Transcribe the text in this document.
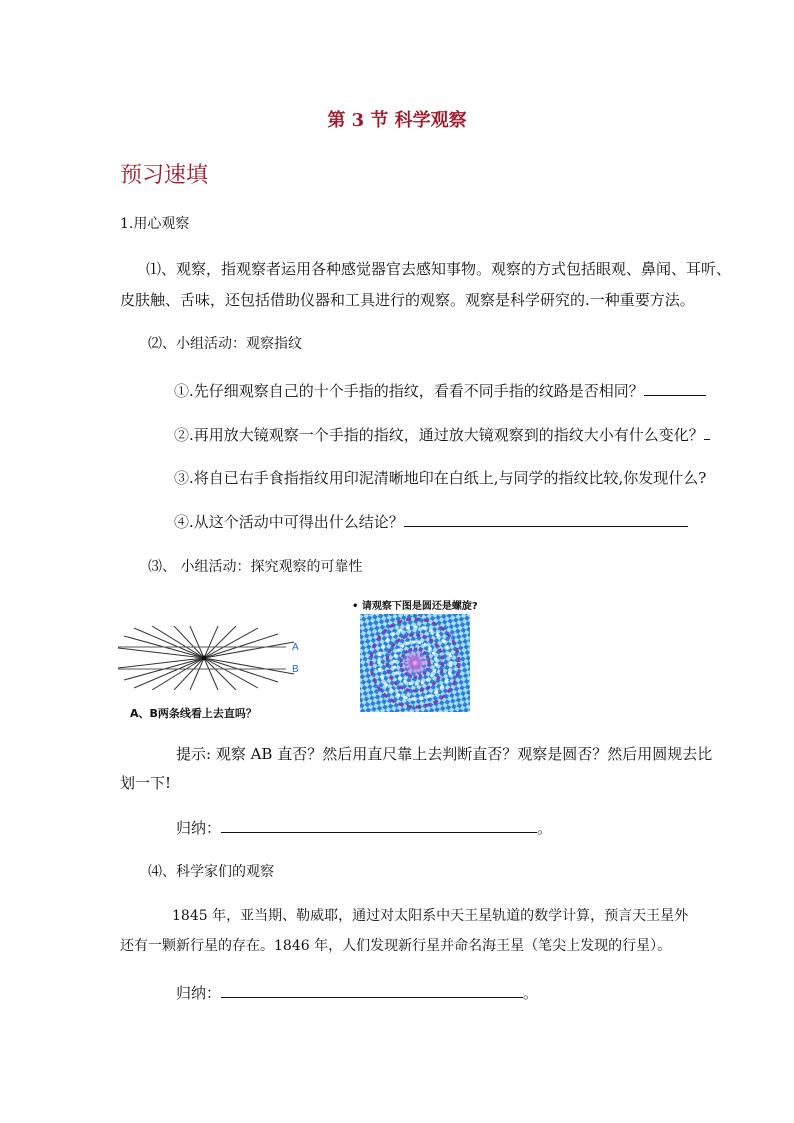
第 3 节 科学观察
预习速填
1.用心观察
⑴、观察，指观察者运用各种感觉器官去感知事物。观察的方式包括眼观、鼻闻、耳听、
皮肤触、舌味，还包括借助仪器和工具进行的观察。观察是科学研究的.一种重要方法。
⑵、小组活动：观察指纹
①.先仔细观察自己的十个手指的指纹，看看不同手指的纹路是否相同？
②.再用放大镜观察一个手指的指纹，通过放大镜观察到的指纹大小有什么变化？
③.将自已右手食指指纹用印泥清晰地印在白纸上,与同学的指纹比较,你发现什么?
④.从这个活动中可得出什么结论？
⑶、 小组活动：探究观察的可靠性
A
B
A、B两条线看上去直吗？
• 请观察下图是圆还是螺旋?
提示: 观察 AB 直否？然后用直尺靠上去判断直否？观察是圆否？然后用圆规去比
划一下!
归纳：	。
⑷、科学家们的观察
1845 年，亚当期、勒威耶，通过对太阳系中天王星轨道的数学计算，预言天王星外
还有一颗新行星的存在。1846 年，人们发现新行星并命名海王星（笔尖上发现的行星）。
归纳：	。
